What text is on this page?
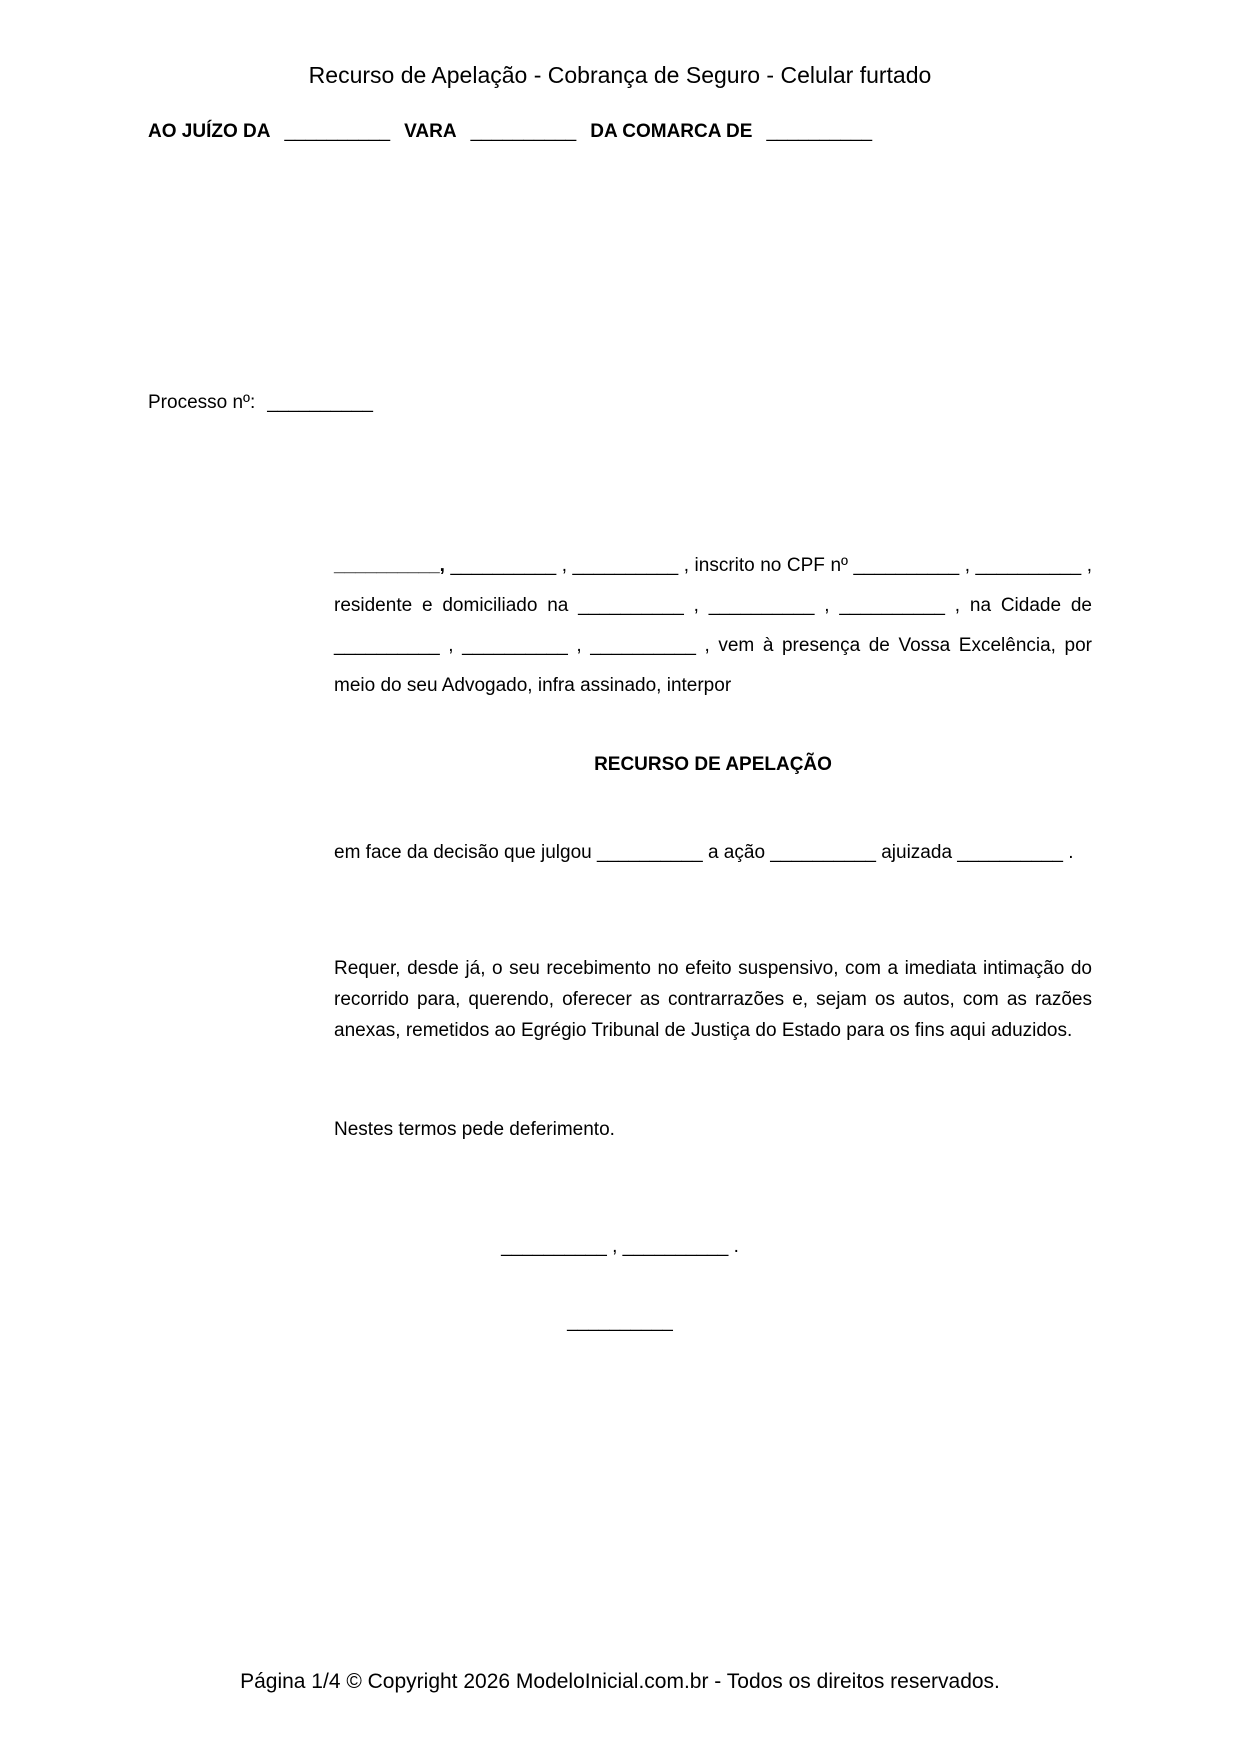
Recurso de Apelação - Cobrança de Seguro - Celular furtado
AO JUÍZO DA __________ VARA __________ DA COMARCA DE __________
Processo nº: __________

__________, __________ , __________ , inscrito no CPF nº __________ , __________ , residente e domiciliado na __________ , __________ , __________ , na Cidade de __________ , __________ , __________ , vem à presença de Vossa Excelência, por meio do seu Advogado, infra assinado, interpor

RECURSO DE APELAÇÃO

em face da decisão que julgou __________ a ação __________ ajuizada __________ .

Requer, desde já, o seu recebimento no efeito suspensivo, com a imediata intimação do recorrido para, querendo, oferecer as contrarrazões e, sejam os autos, com as razões anexas, remetidos ao Egrégio Tribunal de Justiça do Estado para os fins aqui aduzidos.

Nestes termos pede deferimento.

__________ , __________ .
__________
Página 1/4 © Copyright 2026 ModeloInicial.com.br - Todos os direitos reservados.
